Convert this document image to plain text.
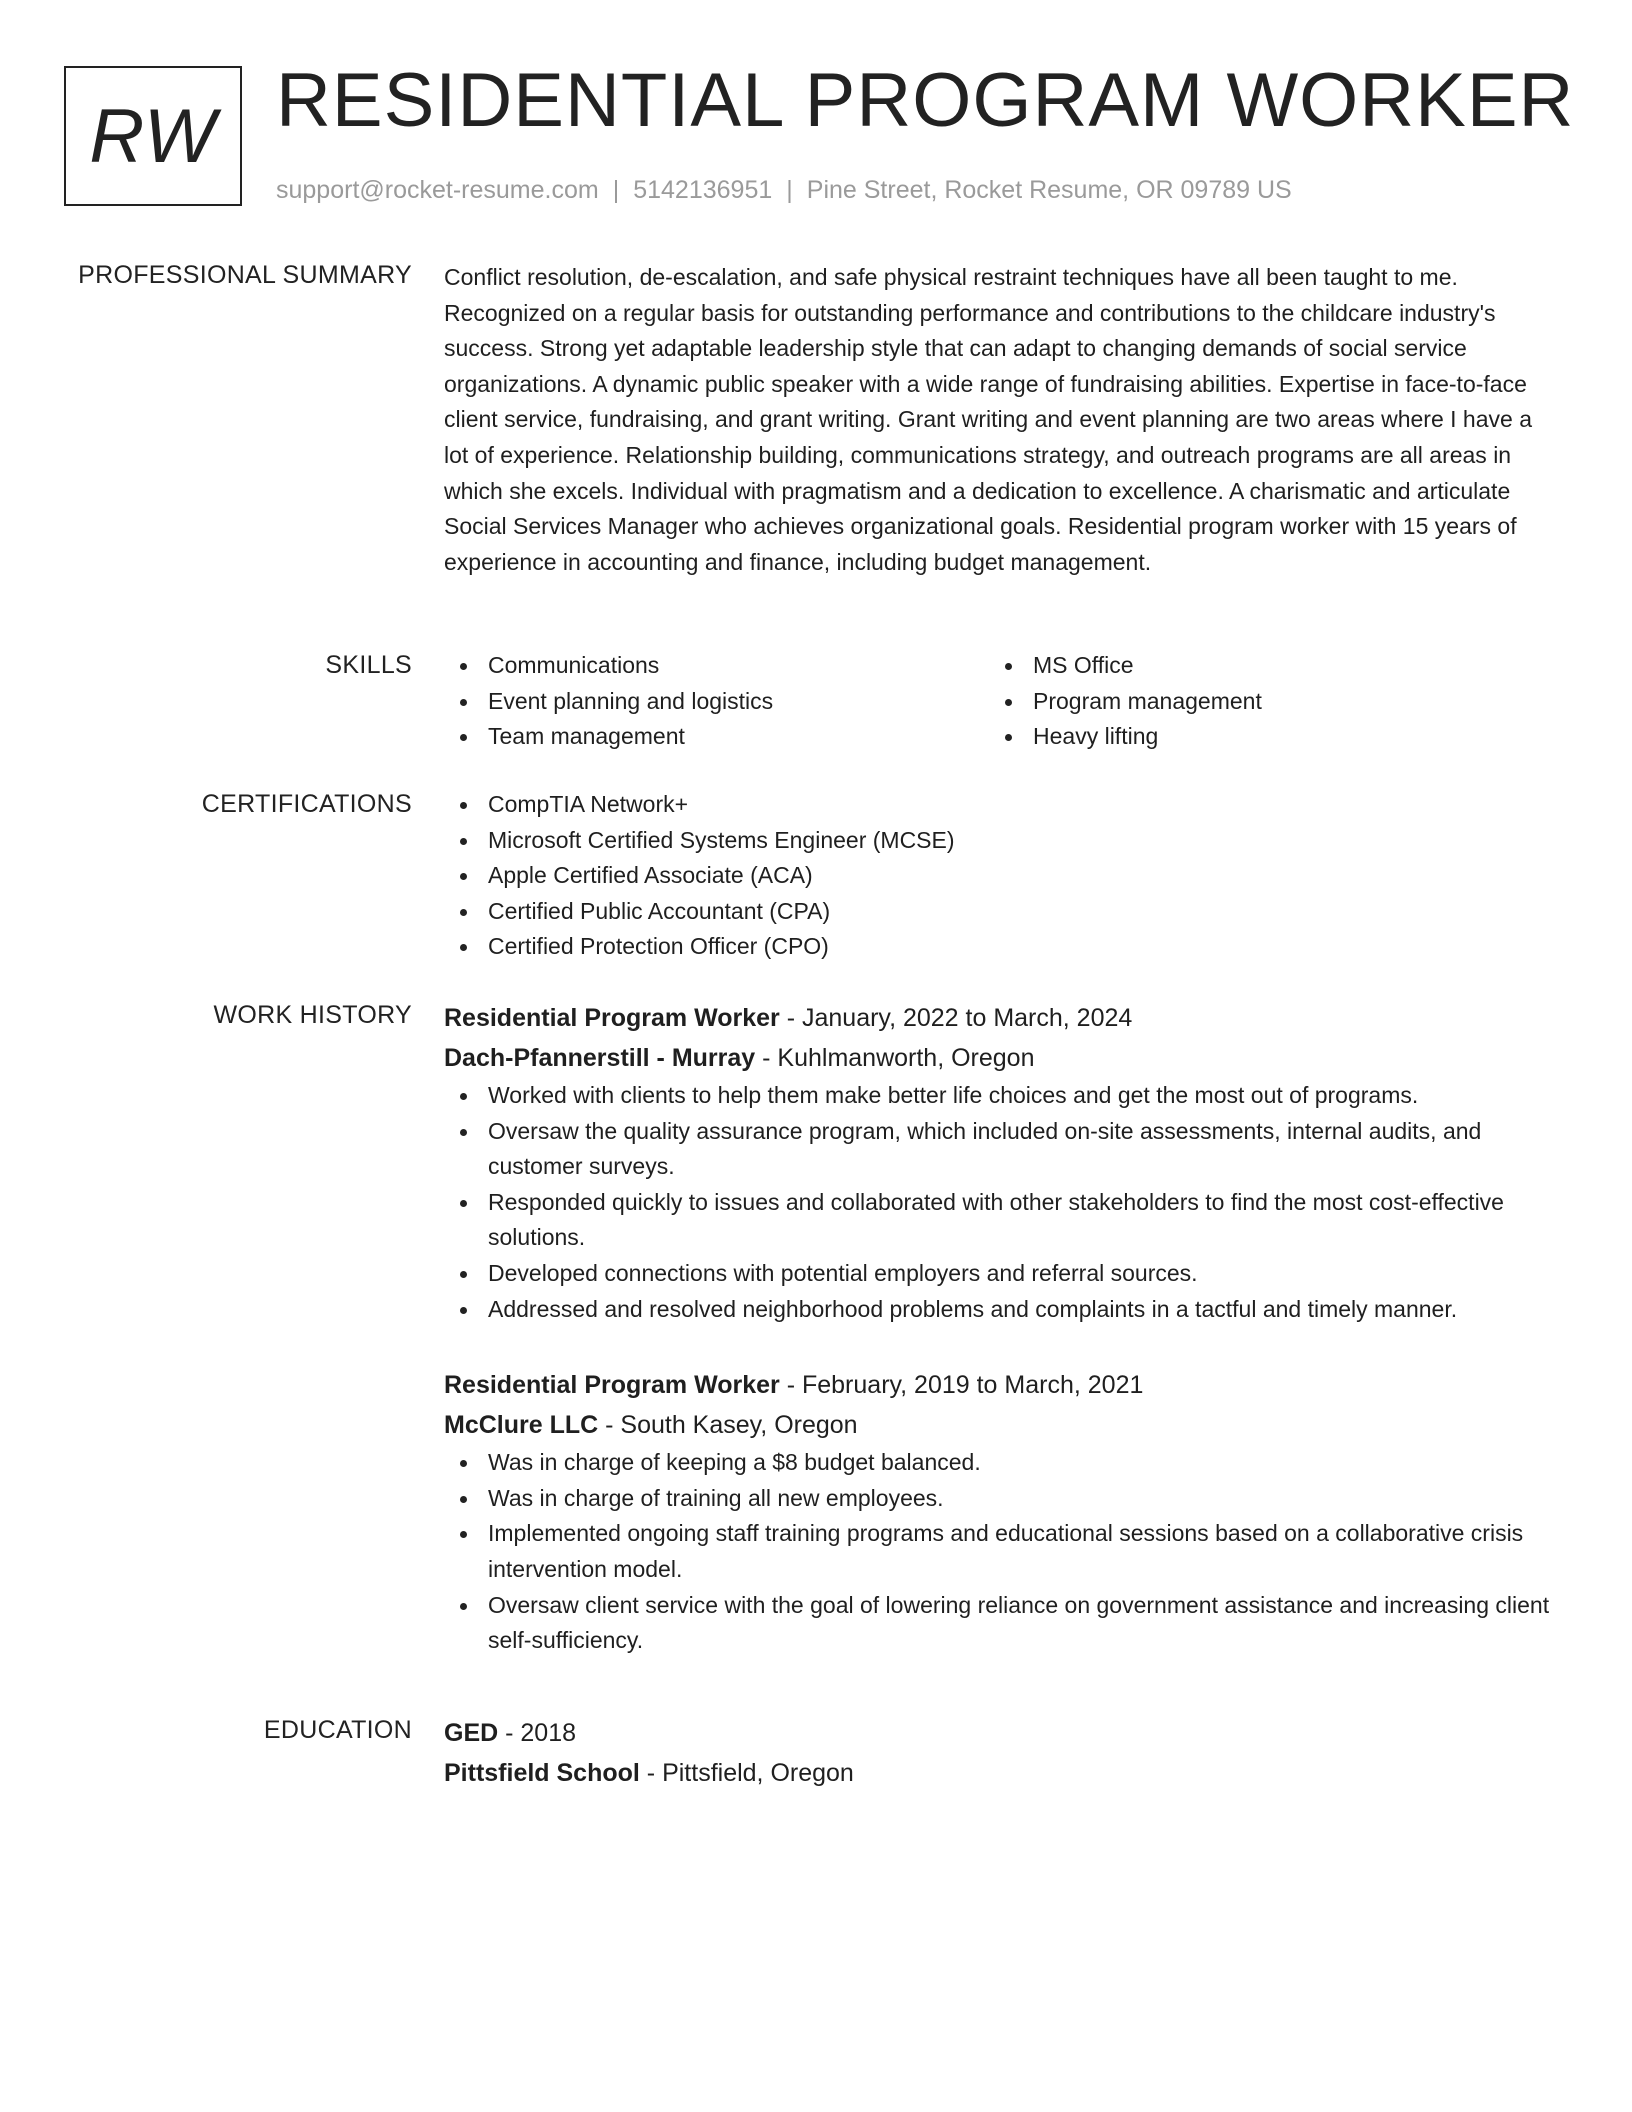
RW RESIDENTIAL PROGRAM WORKER
support@rocket-resume.com | 5142136951 | Pine Street, Rocket Resume, OR 09789 US
PROFESSIONAL SUMMARY Conflict resolution, de-escalation, and safe physical restraint techniques have all been taught to me. Recognized on a regular basis for outstanding performance and contributions to the childcare industry's success. Strong yet adaptable leadership style that can adapt to changing demands of social service organizations. A dynamic public speaker with a wide range of fundraising abilities. Expertise in face-to-face client service, fundraising, and grant writing. Grant writing and event planning are two areas where I have a lot of experience. Relationship building, communications strategy, and outreach programs are all areas in which she excels. Individual with pragmatism and a dedication to excellence. A charismatic and articulate Social Services Manager who achieves organizational goals. Residential program worker with 15 years of experience in accounting and finance, including budget management.

SKILLS	Communications
Event planning and logistics
Team management
MS Office
Program management
Heavy lifting
CERTIFICATIONS	CompTIA Network+
Microsoft Certified Systems Engineer (MCSE)
Apple Certified Associate (ACA)
Certified Public Accountant (CPA)
Certified Protection Officer (CPO)
WORK HISTORY Residential Program Worker - January, 2022 to March, 2024
Dach-Pfannerstill - Murray - Kuhlmanworth, Oregon
Worked with clients to help them make better life choices and get the most out of programs.
Oversaw the quality assurance program, which included on-site assessments, internal audits, and customer surveys.
Responded quickly to issues and collaborated with other stakeholders to find the most cost-effective solutions.
Developed connections with potential employers and referral sources.
Addressed and resolved neighborhood problems and complaints in a tactful and timely manner.
Residential Program Worker - February, 2019 to March, 2021
McClure LLC - South Kasey, Oregon
Was in charge of keeping a $8 budget balanced.
Was in charge of training all new employees.
Implemented ongoing staff training programs and educational sessions based on a collaborative crisis intervention model.
Oversaw client service with the goal of lowering reliance on government assistance and increasing client self-sufficiency.
EDUCATION GED - 2018
Pittsfield School - Pittsfield, Oregon
